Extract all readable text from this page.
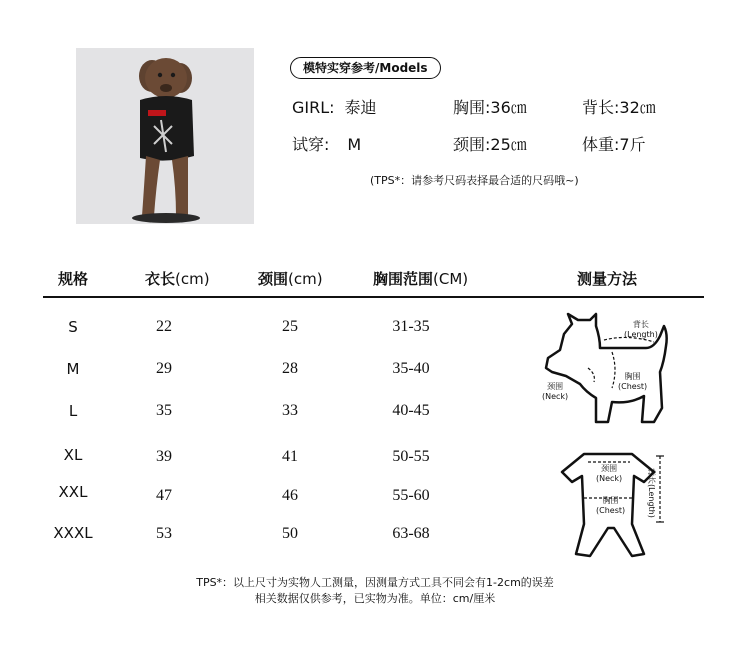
模特实穿参考/Models
GIRL: 泰迪	胸围:36㎝	背长:32㎝
试穿: M	颈围:25㎝	体重:7斤
(TPS*：请参考尺码表择最合适的尺码哦~)
规格	衣长(cm)	颈围(cm)	胸围范围(CM)	测量方法
S	22	25	31-35
M	29	28	35-40
L	35	33	40-45
XL	39	41	50-55
XXL	47	46	55-60
XXXL	53	50	63-68
背长
(Length)
胸围
(Chest)
颈围
(Neck)
颈围
(Neck)
胸围
(Chest)
背长(Length)
TPS*：以上尺寸为实物人工测量，因测量方式工具不同会有1-2cm的误差
相关数据仅供参考，已实物为准。单位：cm/厘米
